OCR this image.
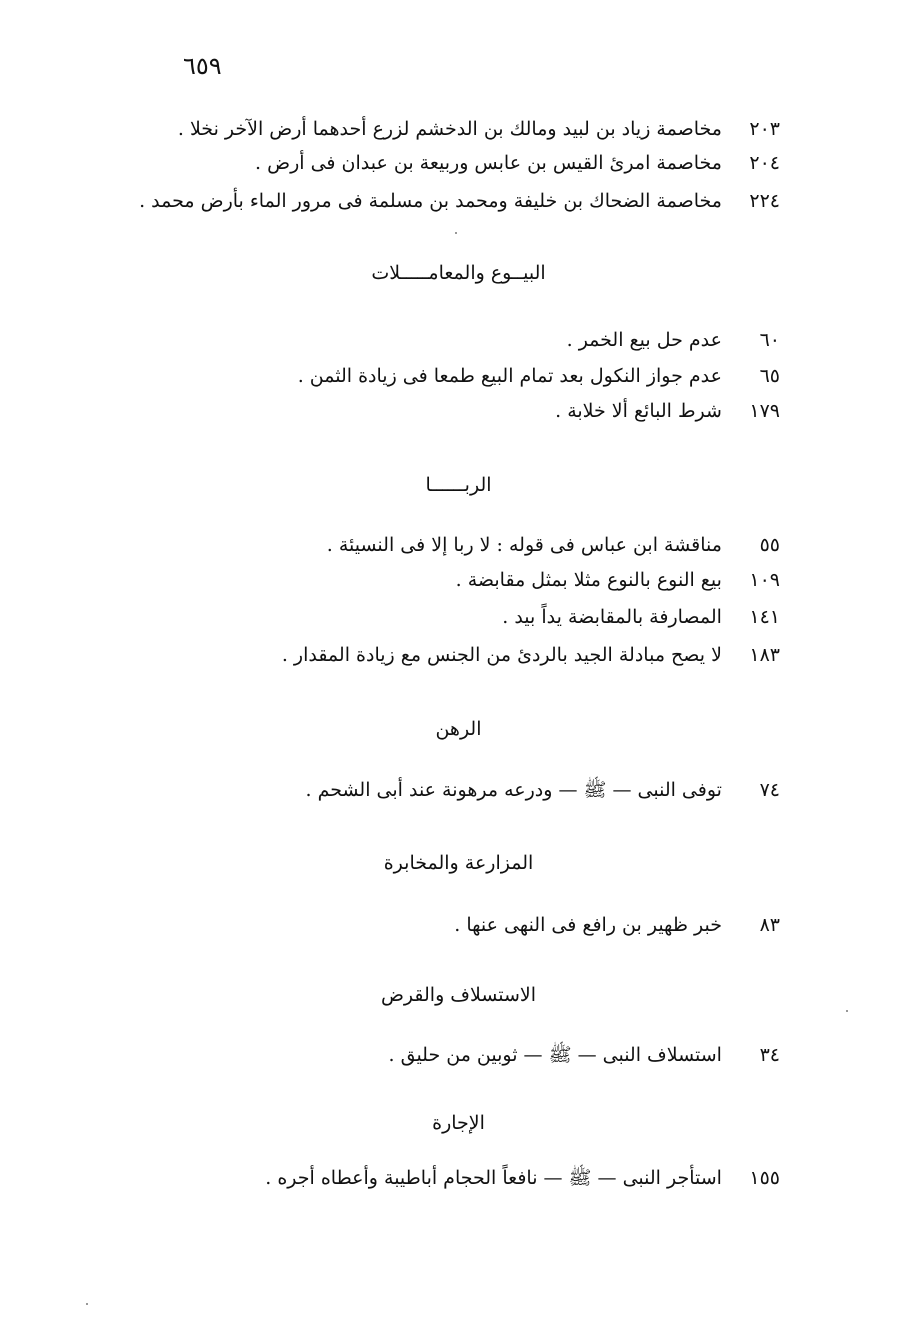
٦٥٩
٢٠٣ مخاصمة زياد بن لبيد ومالك بن الدخشم لزرع أحدهما أرض الآخر نخلا .
٢٠٤ مخاصمة امرئ القيس بن عابس وربيعة بن عبدان فى أرض .
٢٢٤ مخاصمة الضحاك بن خليفة ومحمد بن مسلمة فى مرور الماء بأرض محمد .
البيــوع والمعامـــــلات
٦٠ عدم حل بيع الخمر .
٦٥ عدم جواز النكول بعد تمام البيع طمعا فى زيادة الثمن .
١٧٩ شرط البائع ألا خلابة .
الربــــــا
٥٥ مناقشة ابن عباس فى قوله : لا ربا إلا فى النسيئة .
١٠٩ بيع النوع بالنوع مثلا بمثل مقابضة .
١٤١ المصارفة بالمقابضة يداً بيد .
١٨٣ لا يصح مبادلة الجيد بالردئ من الجنس مع زيادة المقدار .
الرهن
٧٤ توفى النبى — ﷺ — ودرعه مرهونة عند أبى الشحم .
المزارعة والمخابرة
٨٣ خبر ظهير بن رافع فى النهى عنها .
الاستسلاف والقرض
٣٤ استسلاف النبى — ﷺ — ثوبين من حليق .
الإجارة
١٥٥ استأجر النبى — ﷺ — نافعاً الحجام أباطيبة وأعطاه أجره .
